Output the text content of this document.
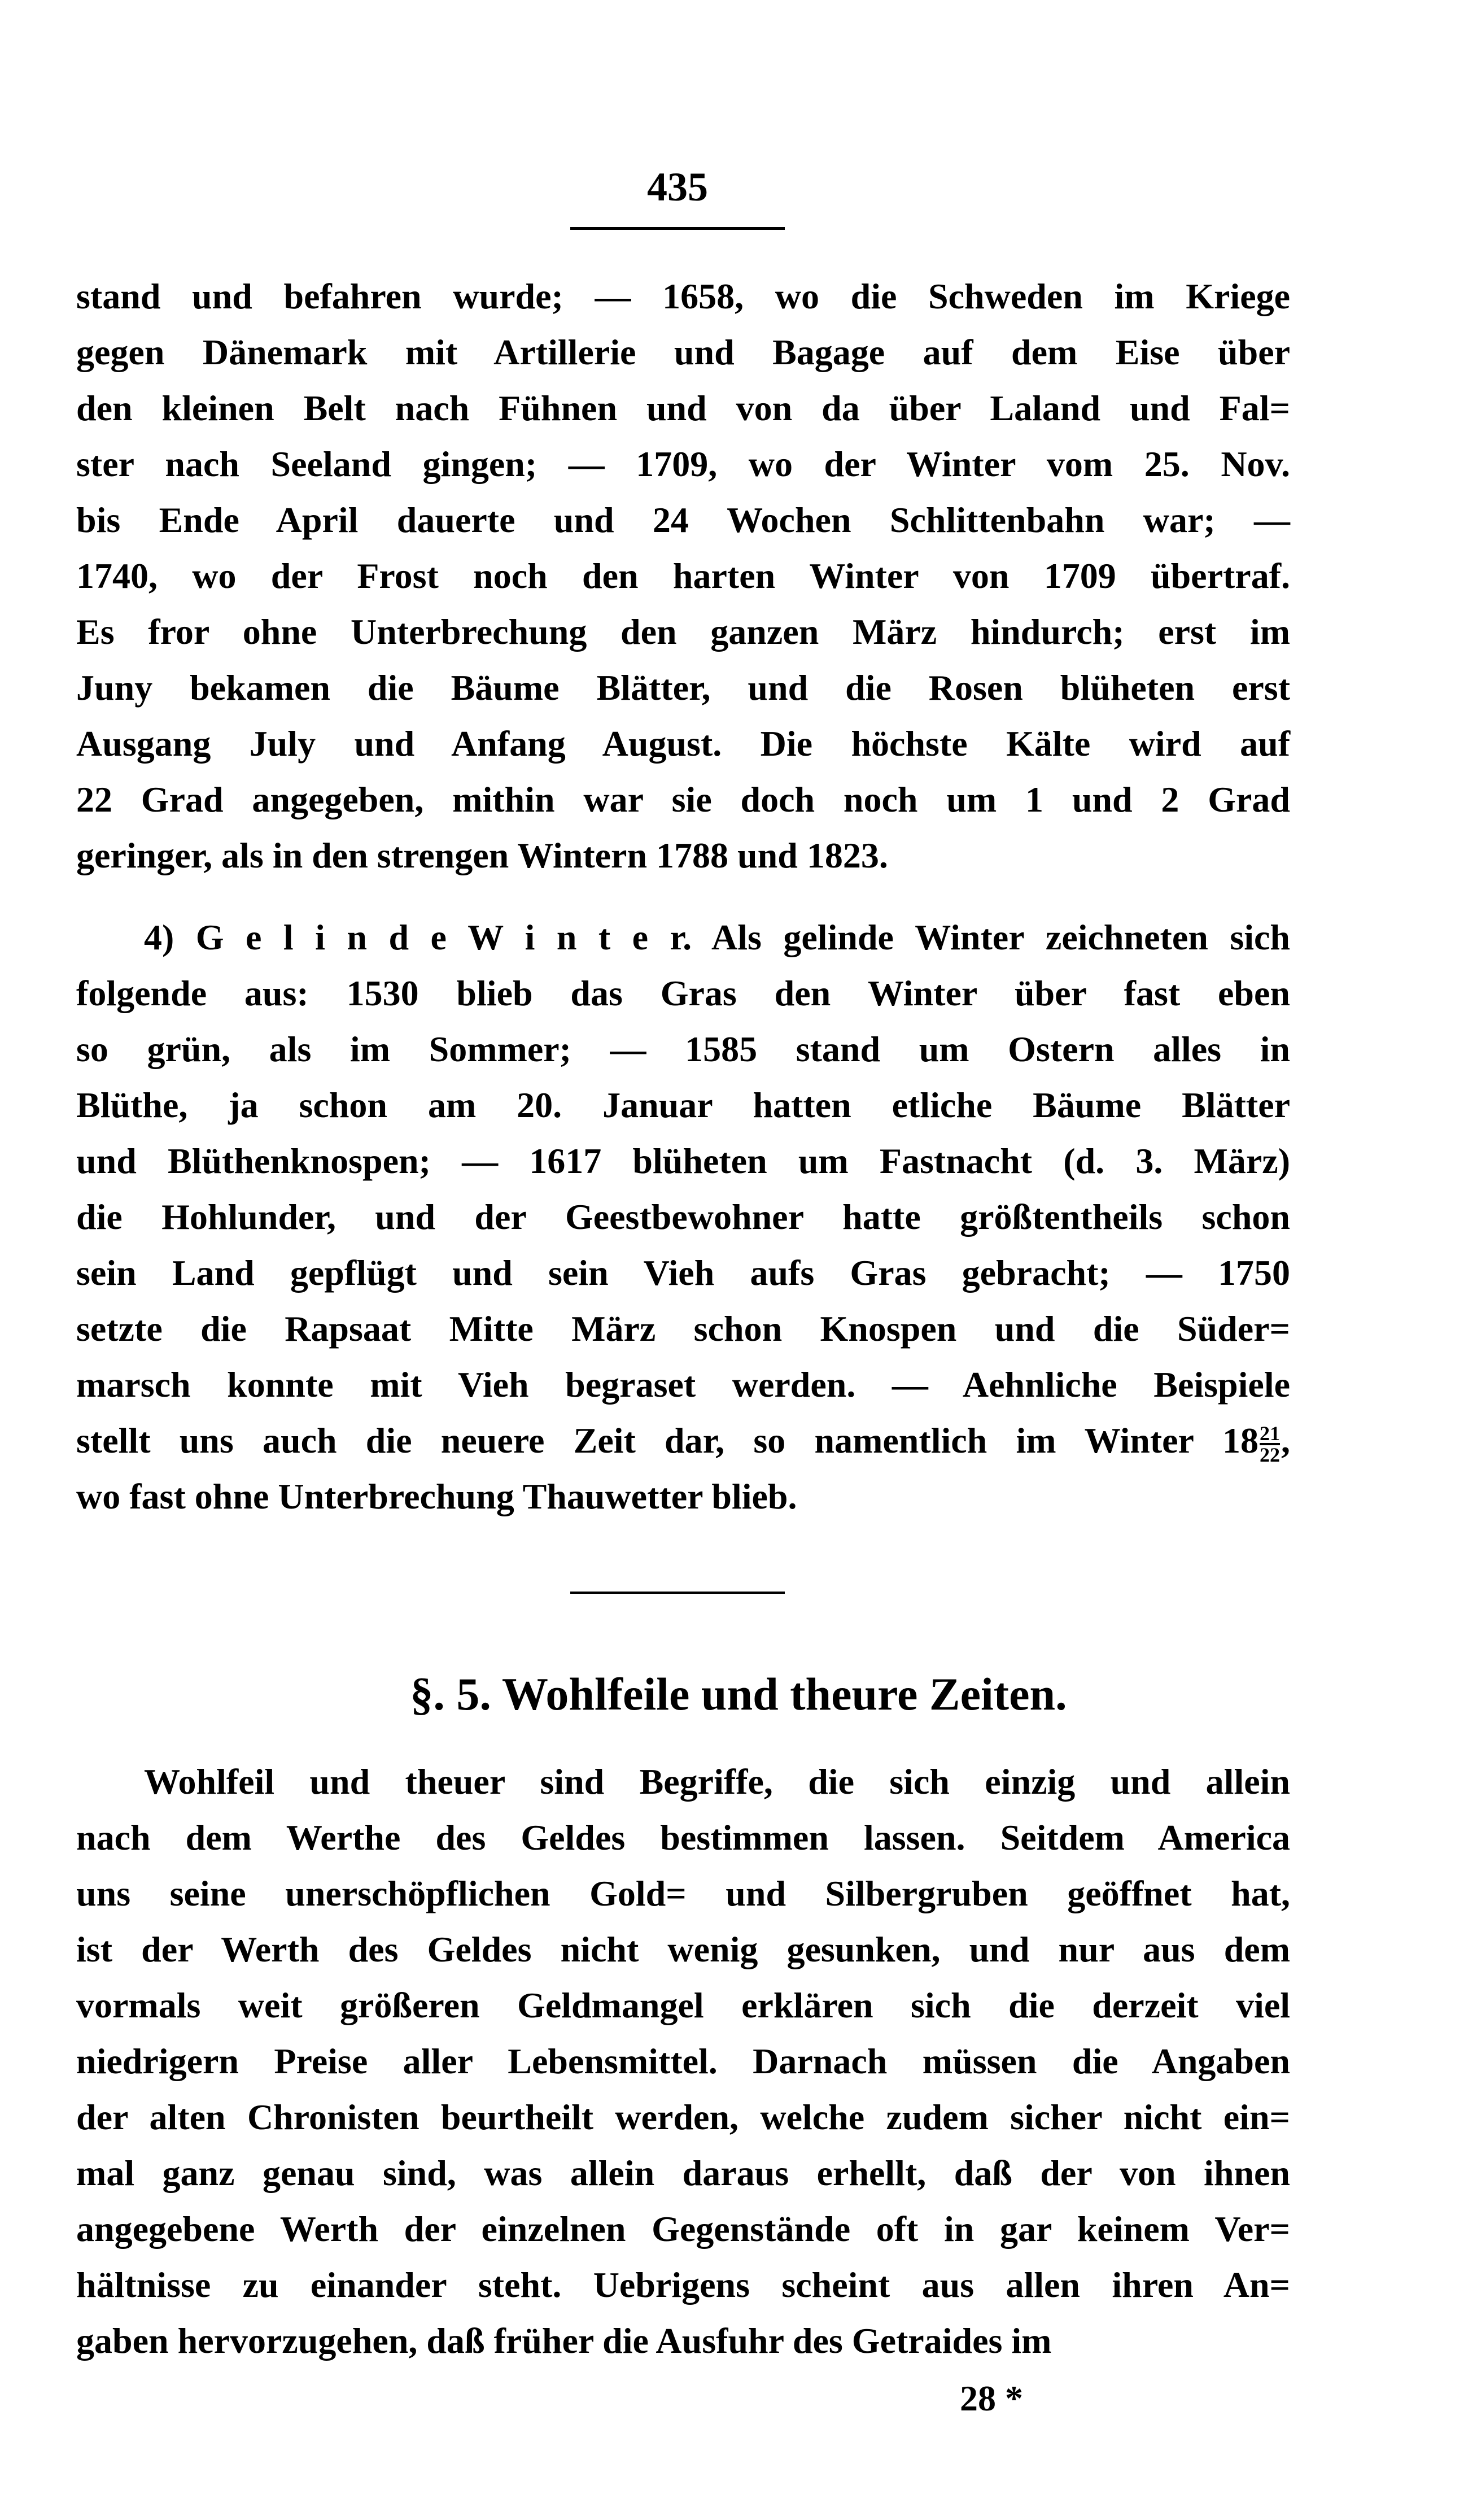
435
stand und befahren wurde; — 1658, wo die Schweden im Kriege
gegen Dänemark mit Artillerie und Bagage auf dem Eise über
den kleinen Belt nach Fühnen und von da über Laland und Fal=
ster nach Seeland gingen; — 1709, wo der Winter vom 25. Nov.
bis Ende April dauerte und 24 Wochen Schlittenbahn war; —
1740, wo der Frost noch den harten Winter von 1709 übertraf.
Es fror ohne Unterbrechung den ganzen März hindurch; erst im
Juny bekamen die Bäume Blätter, und die Rosen blüheten erst
Ausgang July und Anfang August. Die höchste Kälte wird auf
22 Grad angegeben, mithin war sie doch noch um 1 und 2 Grad
geringer, als in den strengen Wintern 1788 und 1823.
4) G e l i n d e W i n t e r. Als gelinde Winter zeichneten sich
folgende aus: 1530 blieb das Gras den Winter über fast eben
so grün, als im Sommer; — 1585 stand um Ostern alles in
Blüthe, ja schon am 20. Januar hatten etliche Bäume Blätter
und Blüthenknospen; — 1617 blüheten um Fastnacht (d. 3. März)
die Hohlunder, und der Geestbewohner hatte größtentheils schon
sein Land gepflügt und sein Vieh aufs Gras gebracht; — 1750
setzte die Rapsaat Mitte März schon Knospen und die Süder=
marsch konnte mit Vieh begraset werden. — Aehnliche Beispiele
stellt uns auch die neuere Zeit dar, so namentlich im Winter $18 \frac{21}{22}$ ,
wo fast ohne Unterbrechung Thauwetter blieb.
§. 5. Wohlfeile und theure Zeiten.
Wohlfeil und theuer sind Begriffe, die sich einzig und allein
nach dem Werthe des Geldes bestimmen lassen. Seitdem America
uns seine unerschöpflichen Gold= und Silbergruben geöffnet hat,
ist der Werth des Geldes nicht wenig gesunken, und nur aus dem
vormals weit größeren Geldmangel erklären sich die derzeit viel
niedrigern Preise aller Lebensmittel. Darnach müssen die Angaben
der alten Chronisten beurtheilt werden, welche zudem sicher nicht ein=
mal ganz genau sind, was allein daraus erhellt, daß der von ihnen
angegebene Werth der einzelnen Gegenstände oft in gar keinem Ver=
hältnisse zu einander steht. Uebrigens scheint aus allen ihren An=
gaben hervorzugehen, daß früher die Ausfuhr des Getraides im
28 *
